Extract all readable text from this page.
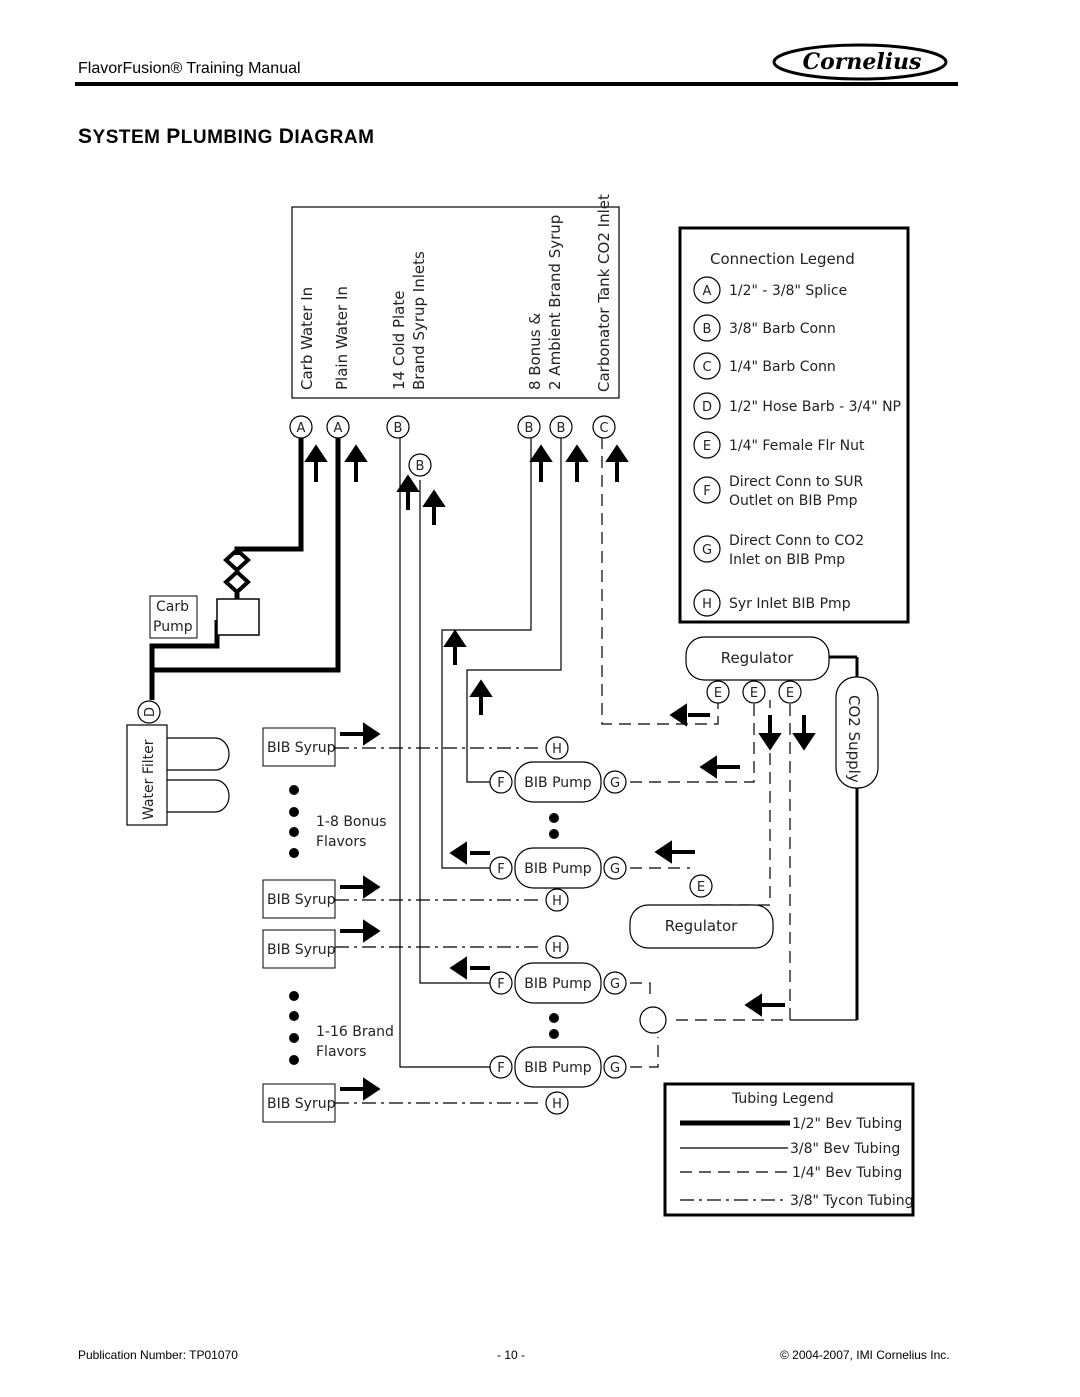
FlavorFusion® Training Manual	Cornelius
SYSTEM PLUMBING DIAGRAM
Carb Water In Plain Water In	14 Cold Plate Brand Syrup Inlets	8 Bonus & 2 Ambient Brand Syrup Carbonator Tank CO2 Inlet
Carb
Pump
Water Filter
A A	B
B
B B	C
D
Regulator
Regulator
CO2 Supply
E E E
E
BIB Syrup
BIB Syrup
BIB Syrup
BIB Syrup
1-8 Bonus
Flavors
1-16 Brand
Flavors
BIB Pump
BIB Pump
BIB Pump
BIB Pump
H
H
H
H
F
F
F
F
G
G
G
G
Connection Legend
A 1/2" - 3/8" Splice
B 3/8" Barb Conn
C 1/4" Barb Conn
D 1/2" Hose Barb - 3/4" NP
E 1/4" Female Flr Nut
F
Direct Conn to SUR
Outlet on BIB Pmp
G
Direct Conn to CO2
Inlet on BIB Pmp
H Syr Inlet BIB Pmp
Tubing Legend
1/2" Bev Tubing
3/8" Bev Tubing
1/4" Bev Tubing
3/8" Tycon Tubing
Publication Number: TP01070	- 10 -	© 2004-2007, IMI Cornelius Inc.
